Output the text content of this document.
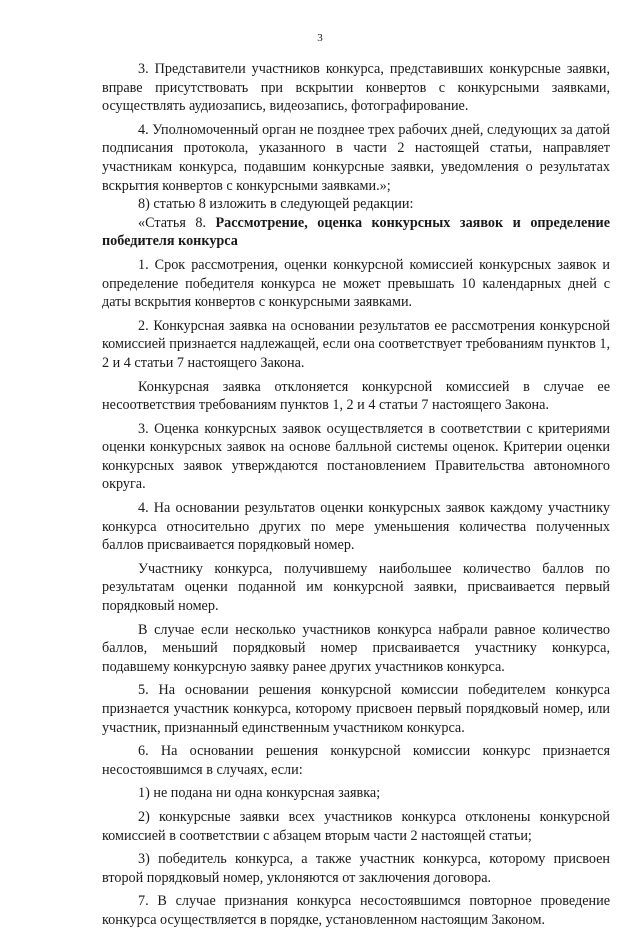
3

3. Представители участников конкурса, представивших конкурсные заявки, вправе присутствовать при вскрытии конвертов с конкурсными заявками, осуществлять аудиозапись, видеозапись, фотографирование.

4. Уполномоченный орган не позднее трех рабочих дней, следующих за датой подписания протокола, указанного в части 2 настоящей статьи, направляет участникам конкурса, подавшим конкурсные заявки, уведомления о результатах вскрытия конвертов с конкурсными заявками.»;

8) статью 8 изложить в следующей редакции:

«Статья 8. Рассмотрение, оценка конкурсных заявок и определение победителя конкурса

1. Срок рассмотрения, оценки конкурсной комиссией конкурсных заявок и определение победителя конкурса не может превышать 10 календарных дней с даты вскрытия конвертов с конкурсными заявками.

2. Конкурсная заявка на основании результатов ее рассмотрения конкурсной комиссией признается надлежащей, если она соответствует требованиям пунктов 1, 2 и 4 статьи 7 настоящего Закона.

Конкурсная заявка отклоняется конкурсной комиссией в случае ее несоответствия требованиям пунктов 1, 2 и 4 статьи 7 настоящего Закона.

3. Оценка конкурсных заявок осуществляется в соответствии с критериями оценки конкурсных заявок на основе балльной системы оценок. Критерии оценки конкурсных заявок утверждаются постановлением Правительства автономного округа.

4. На основании результатов оценки конкурсных заявок каждому участнику конкурса относительно других по мере уменьшения количества полученных баллов присваивается порядковый номер.

Участнику конкурса, получившему наибольшее количество баллов по результатам оценки поданной им конкурсной заявки, присваивается первый порядковый номер.

В случае если несколько участников конкурса набрали равное количество баллов, меньший порядковый номер присваивается участнику конкурса, подавшему конкурсную заявку ранее других участников конкурса.

5. На основании решения конкурсной комиссии победителем конкурса признается участник конкурса, которому присвоен первый порядковый номер, или участник, признанный единственным участником конкурса.

6. На основании решения конкурсной комиссии конкурс признается несостоявшимся в случаях, если:

1) не подана ни одна конкурсная заявка;

2) конкурсные заявки всех участников конкурса отклонены конкурсной комиссией в соответствии с абзацем вторым части 2 настоящей статьи;

3) победитель конкурса, а также участник конкурса, которому присвоен второй порядковый номер, уклоняются от заключения договора.

7. В случае признания конкурса несостоявшимся повторное проведение конкурса осуществляется в порядке, установленном настоящим Законом.
